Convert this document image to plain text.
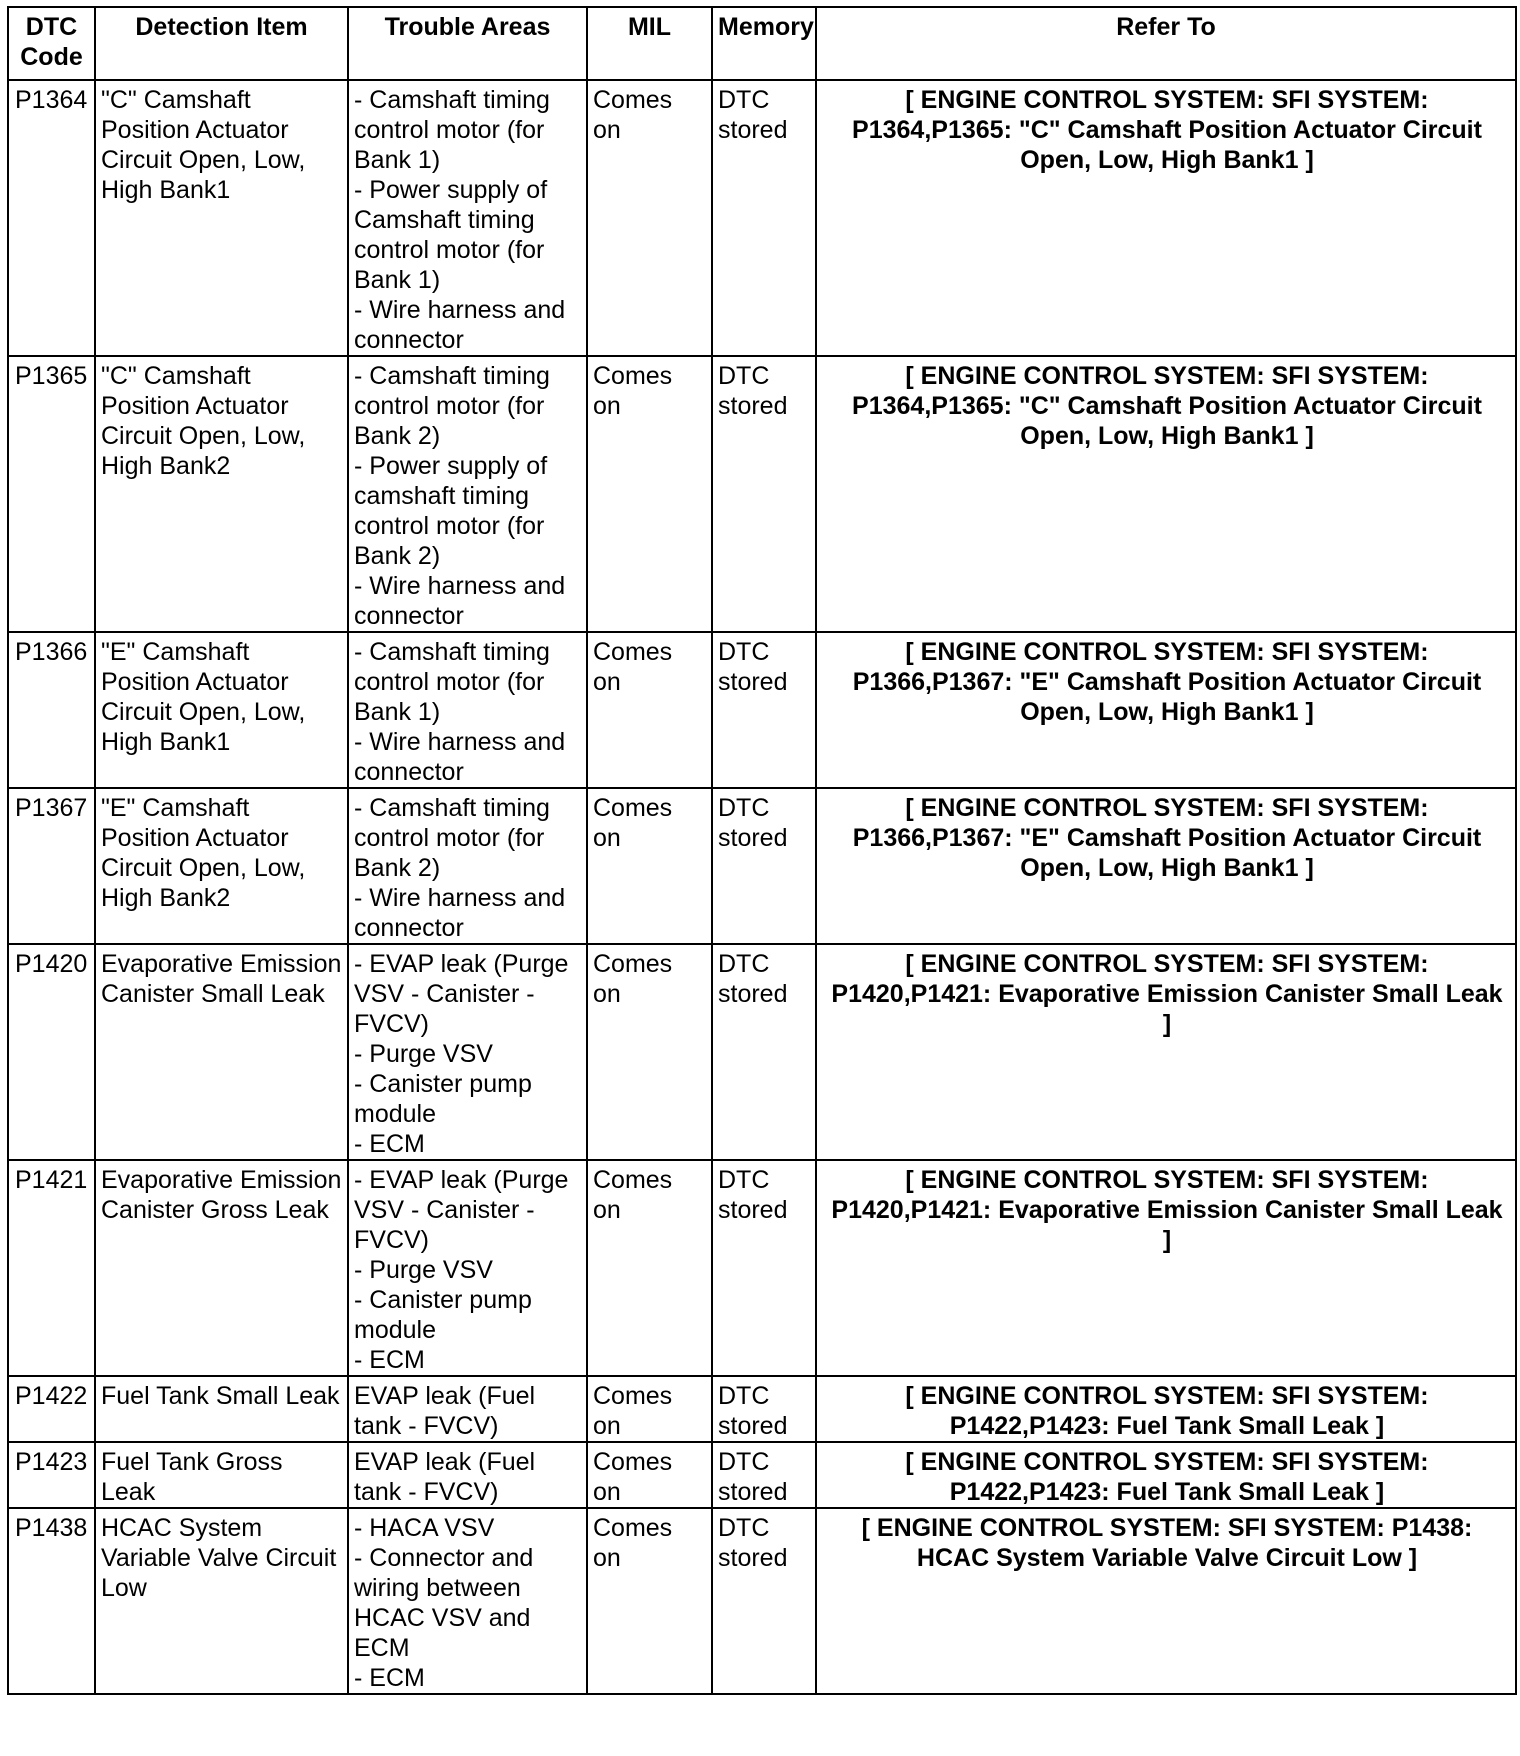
DTC Code	Detection Item	Trouble Areas	MIL	Memory	Refer To
P1364	"C" Camshaft Position Actuator Circuit Open, Low, High Bank1	- Camshaft timing control motor (for Bank 1)
- Power supply of Camshaft timing control motor (for Bank 1)
- Wire harness and connector	Comes on	DTC stored	[ ENGINE CONTROL SYSTEM: SFI SYSTEM: P1364,P1365: "C" Camshaft Position Actuator Circuit Open, Low, High Bank1 ]
P1365	"C" Camshaft Position Actuator Circuit Open, Low, High Bank2	- Camshaft timing control motor (for Bank 2)
- Power supply of camshaft timing control motor (for Bank 2)
- Wire harness and connector	Comes on	DTC stored	[ ENGINE CONTROL SYSTEM: SFI SYSTEM: P1364,P1365: "C" Camshaft Position Actuator Circuit Open, Low, High Bank1 ]
P1366	"E" Camshaft Position Actuator Circuit Open, Low, High Bank1	- Camshaft timing control motor (for Bank 1)
- Wire harness and connector	Comes on	DTC stored	[ ENGINE CONTROL SYSTEM: SFI SYSTEM: P1366,P1367: "E" Camshaft Position Actuator Circuit Open, Low, High Bank1 ]
P1367	"E" Camshaft Position Actuator Circuit Open, Low, High Bank2	- Camshaft timing control motor (for Bank 2)
- Wire harness and connector	Comes on	DTC stored	[ ENGINE CONTROL SYSTEM: SFI SYSTEM: P1366,P1367: "E" Camshaft Position Actuator Circuit Open, Low, High Bank1 ]
P1420	Evaporative Emission Canister Small Leak	- EVAP leak (Purge VSV - Canister - FVCV)
- Purge VSV
- Canister pump module
- ECM	Comes on	DTC stored	[ ENGINE CONTROL SYSTEM: SFI SYSTEM: P1420,P1421: Evaporative Emission Canister Small Leak ]
P1421	Evaporative Emission Canister Gross Leak	- EVAP leak (Purge VSV - Canister - FVCV)
- Purge VSV
- Canister pump module
- ECM	Comes on	DTC stored	[ ENGINE CONTROL SYSTEM: SFI SYSTEM: P1420,P1421: Evaporative Emission Canister Small Leak ]
P1422	Fuel Tank Small Leak	EVAP leak (Fuel tank - FVCV)	Comes on	DTC stored	[ ENGINE CONTROL SYSTEM: SFI SYSTEM: P1422,P1423: Fuel Tank Small Leak ]
P1423	Fuel Tank Gross Leak	EVAP leak (Fuel tank - FVCV)	Comes on	DTC stored	[ ENGINE CONTROL SYSTEM: SFI SYSTEM: P1422,P1423: Fuel Tank Small Leak ]
P1438	HCAC System Variable Valve Circuit Low	- HACA VSV
- Connector and wiring between HCAC VSV and ECM
- ECM	Comes on	DTC stored	[ ENGINE CONTROL SYSTEM: SFI SYSTEM: P1438: HCAC System Variable Valve Circuit Low ]
